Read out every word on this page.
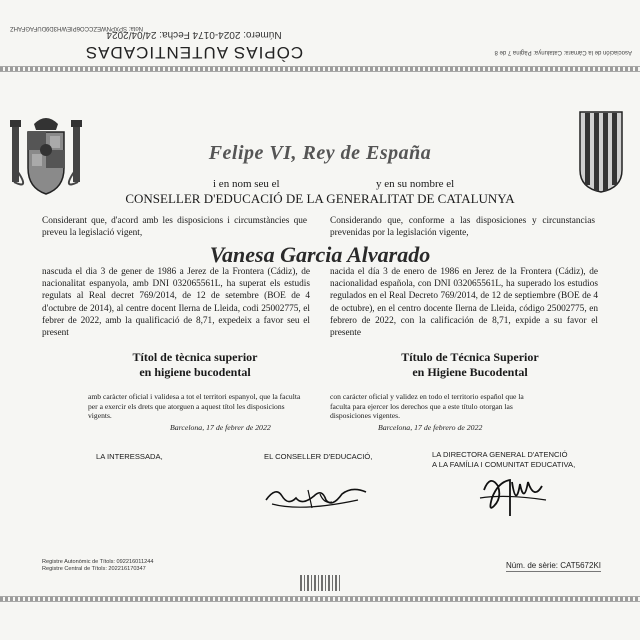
CÒPIAS AUTENTICADAS
Número: 2024-0174 Fecha: 24/04/2024
Asociación de la Cámara: Catalunya: Pàgina 7 de 8
Nota: SPXPNWEZCCO6PIEWH3D9DUFAGFAHZ
Felipe VI, Rey de España
i en nom seu el	y en su nombre el
CONSELLER D'EDUCACIÓ DE LA GENERALITAT DE CATALUNYA
Considerant que, d'acord amb les disposicions i circumstàncies que preveu la legislació vigent,
Considerando que, conforme a las disposiciones y circunstancias prevenidas por la legislación vigente,
Vanesa Garcia Alvarado
nascuda el dia 3 de gener de 1986 a Jerez de la Frontera (Cádiz), de nacionalitat espanyola, amb DNI 032065561L, ha superat els estudis regulats al Real decret 769/2014, de 12 de setembre (BOE de 4 d'octubre de 2014), al centre docent Ilerna de Lleida, codi 25002775, el febrer de 2022, amb la qualificació de 8,71, expedeix a favor seu el present
nacida el día 3 de enero de 1986 en Jerez de la Frontera (Cádiz), de nacionalidad española, con DNI 032065561L, ha superado los estudios regulados en el Real Decreto 769/2014, de 12 de septiembre (BOE de 4 de octubre), en el centro docente Ilerna de Lleida, código 25002775, en febrero de 2022, con la calificación de 8,71, expide a su favor el presente
Títol de tècnica superior
en higiene bucodental
Título de Técnica Superior
en Higiene Bucodental
amb caràcter oficial i validesa a tot el territori espanyol, que la faculta per a exercir els drets que atorguen a aquest títol les disposicions vigents.
con carácter oficial y validez en todo el territorio español que la faculta para ejercer los derechos que a este título otorgan las disposiciones vigentes.
Barcelona, 17 de febrer de 2022	Barcelona, 17 de febrero de 2022
LA INTERESSADA,	EL CONSELLER D'EDUCACIÓ,	LA DIRECTORA GENERAL D'ATENCIÓ
A LA FAMÍLIA I COMUNITAT EDUCATIVA,
Registre Autonòmic de Títols: 092216011244
Registre Central de Títols: 202216170347	Núm. de sèrie: CAT5672KI
